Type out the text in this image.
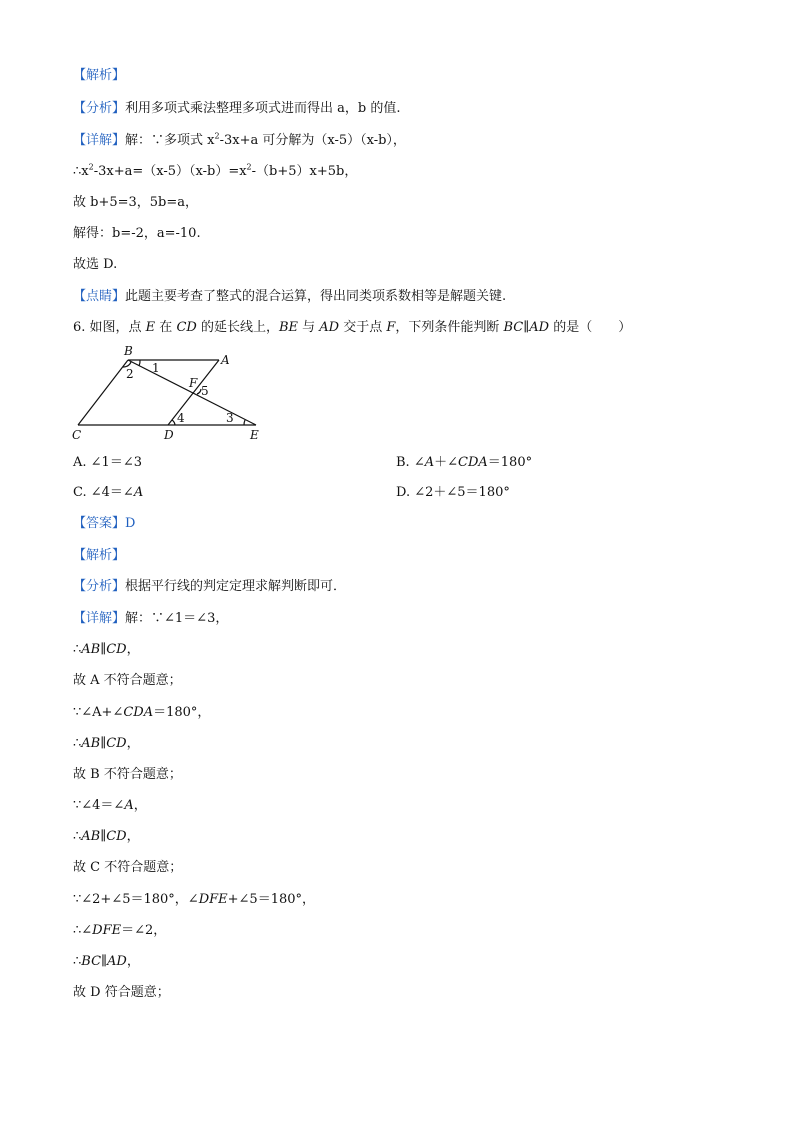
【解析】
【分析】利用多项式乘法整理多项式进而得出 a，b 的值.
【详解】解：∵多项式 $x^2-3x+a$ 可分解为（x-5）（x-b），
$\therefore x^2-3x+a=(x-5)(x-b)=x^2-(b+5)x+5b$，
故 b+5=3，5b=a，
解得：b=-2，a=-10.
故选 D.
【点睛】此题主要考查了整式的混合运算，得出同类项系数相等是解题关键.
6. 如图，点 E 在 CD 的延长线上，BE 与 AD 交于点 F，下列条件能判断 BC∥AD 的是（　　）
B
A
C	D	E
F
1
2
3
4
5
A. ∠1＝∠3	B. ∠A＋∠CDA＝180°
C. ∠4＝∠A	D. ∠2＋∠5＝180°
【答案】D
【解析】
【分析】根据平行线的判定定理求解判断即可．
【详解】解：∵∠1＝∠3，
∴AB∥CD，
故 A 不符合题意；
∵∠A+∠CDA＝180°，
∴AB∥CD，
故 B 不符合题意；
∵∠4＝∠A，
∴AB∥CD，
故 C 不符合题意；
∵∠2+∠5＝180°，∠DFE+∠5＝180°，
∴∠DFE＝∠2，
∴BC∥AD，
故 D 符合题意；
